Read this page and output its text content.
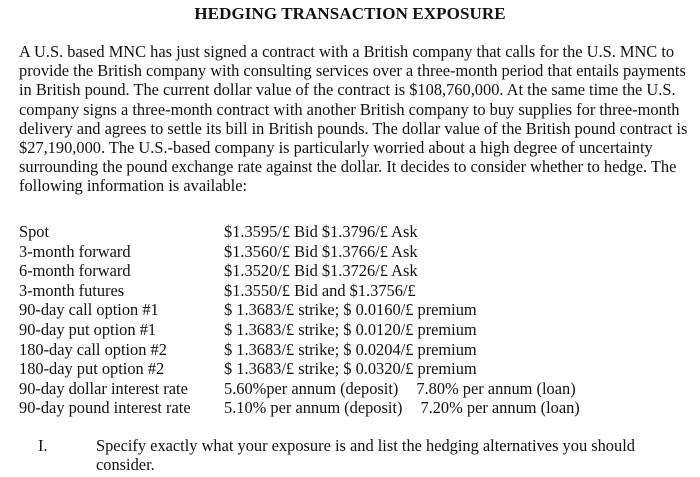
HEDGING TRANSACTION EXPOSURE

A U.S. based MNC has just signed a contract with a British company that calls for the U.S. MNC to provide the British company with consulting services over a three-month period that entails payments in British pound. The current dollar value of the contract is $108,760,000. At the same time the U.S. company signs a three-month contract with another British company to buy supplies for three-month delivery and agrees to settle its bill in British pounds. The dollar value of the British pound contract is $27,190,000. The U.S.-based company is particularly worried about a high degree of uncertainty surrounding the pound exchange rate against the dollar. It decides to consider whether to hedge. The following information is available:

Spot	$1.3595/£ Bid $1.3796/£ Ask
3-month forward	$1.3560/£ Bid $1.3766/£ Ask
6-month forward	$1.3520/£ Bid $1.3726/£ Ask
3-month futures	$1.3550/£ Bid and $1.3756/£
90-day call option #1	$ 1.3683/£ strike; $ 0.0160/£ premium
90-day put option #1	$ 1.3683/£ strike; $ 0.0120/£ premium
180-day call option #2	$ 1.3683/£ strike; $ 0.0204/£ premium
180-day put option #2	$ 1.3683/£ strike; $ 0.0320/£ premium
90-day dollar interest rate	5.60%per annum (deposit) 7.80% per annum (loan)
90-day pound interest rate	5.10% per annum (deposit) 7.20% per annum (loan)
I.	Specify exactly what your exposure is and list the hedging alternatives you should consider.
